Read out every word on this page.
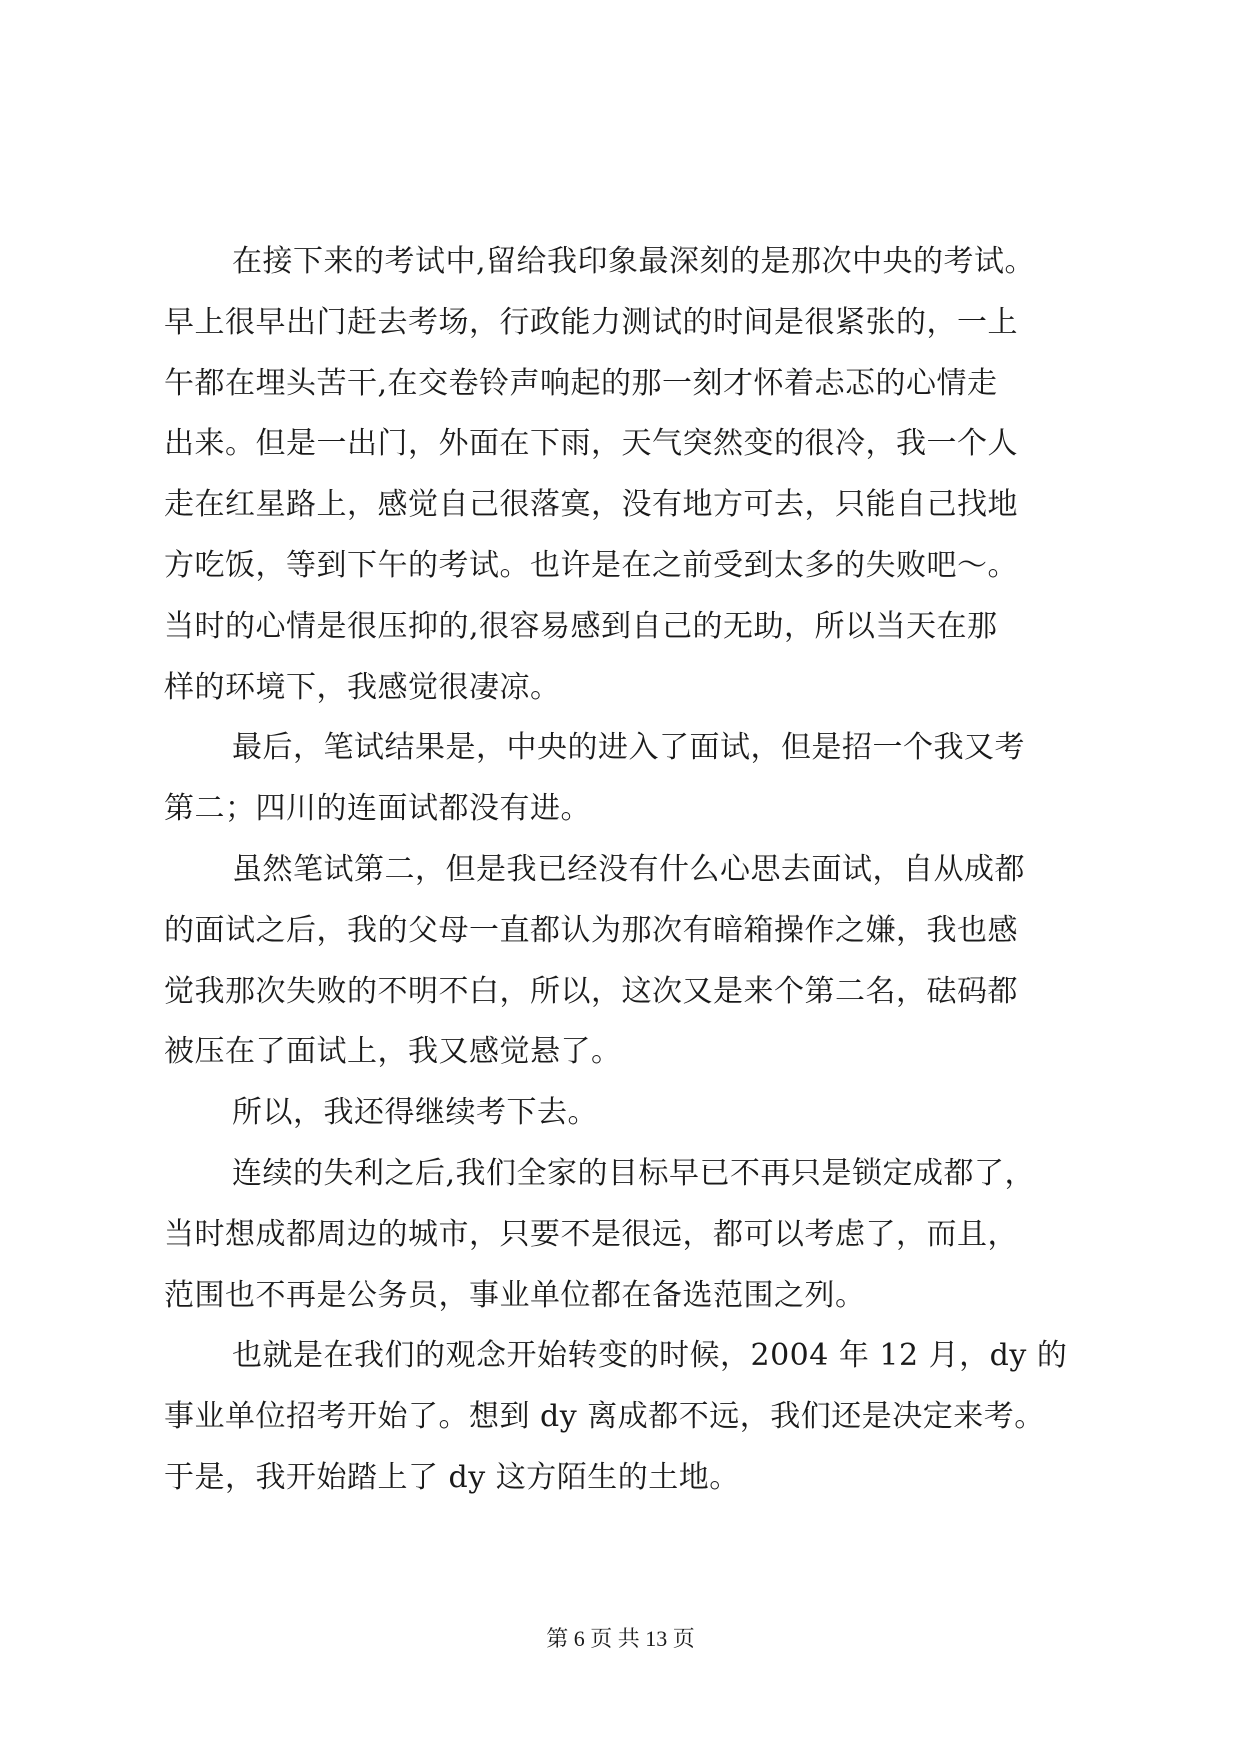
在接下来的考试中,留给我印象最深刻的是那次中央的考试。
早上很早出门赶去考场，行政能力测试的时间是很紧张的，一上
午都在埋头苦干,在交卷铃声响起的那一刻才怀着忐忑的心情走
出来。但是一出门，外面在下雨，天气突然变的很冷，我一个人
走在红星路上，感觉自己很落寞，没有地方可去，只能自己找地
方吃饭，等到下午的考试。也许是在之前受到太多的失败吧～。
当时的心情是很压抑的,很容易感到自己的无助，所以当天在那
样的环境下，我感觉很凄凉。
最后，笔试结果是，中央的进入了面试，但是招一个我又考
第二；四川的连面试都没有进。
虽然笔试第二，但是我已经没有什么心思去面试，自从成都
的面试之后，我的父母一直都认为那次有暗箱操作之嫌，我也感
觉我那次失败的不明不白，所以，这次又是来个第二名，砝码都
被压在了面试上，我又感觉悬了。
所以，我还得继续考下去。
连续的失利之后,我们全家的目标早已不再只是锁定成都了，
当时想成都周边的城市，只要不是很远，都可以考虑了，而且，
范围也不再是公务员，事业单位都在备选范围之列。
也就是在我们的观念开始转变的时候，2004 年 12 月，dy 的
事业单位招考开始了。想到 dy 离成都不远，我们还是决定来考。
于是，我开始踏上了 dy 这方陌生的土地。
第 6 页 共 13 页
